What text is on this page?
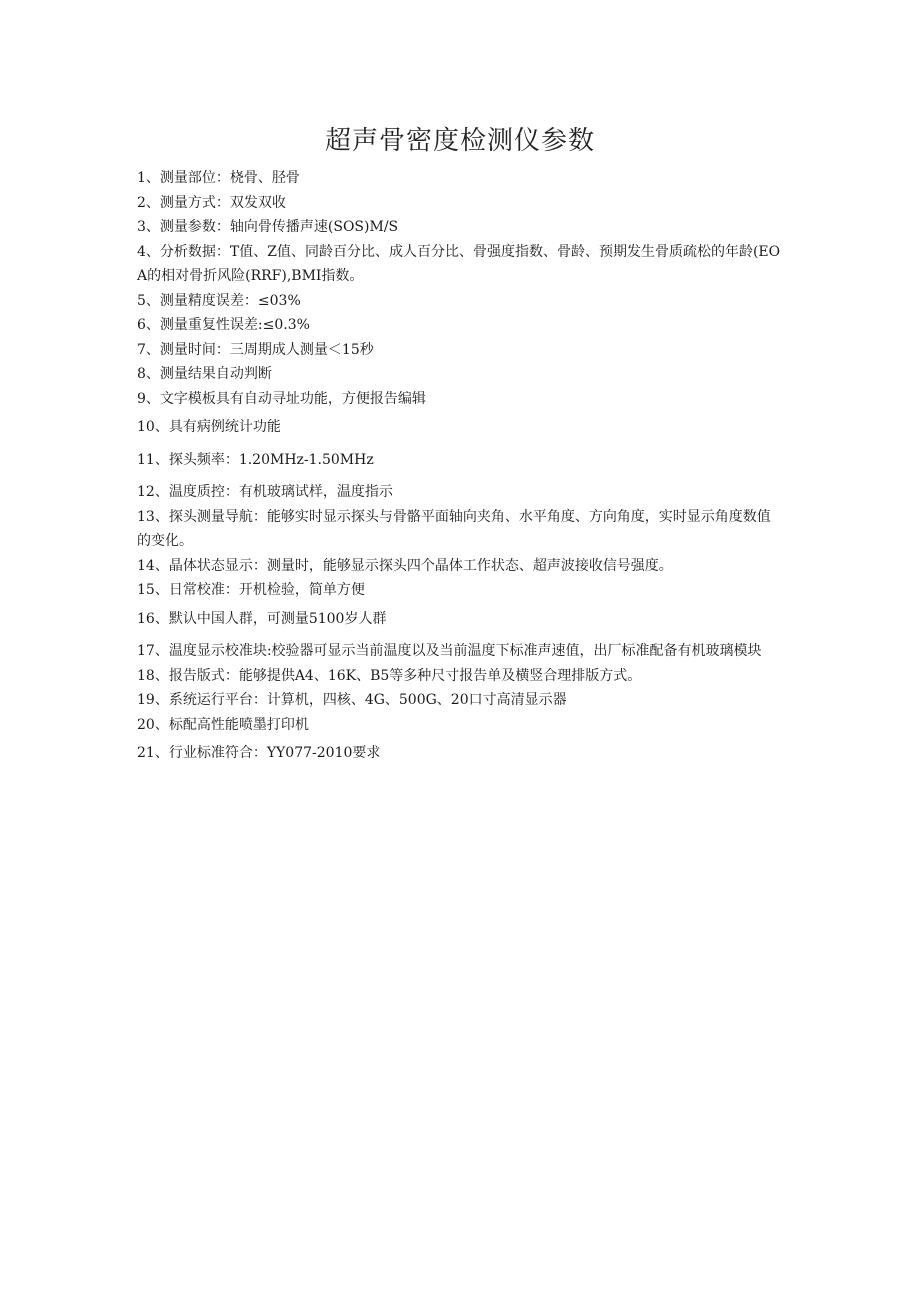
超声骨密度检测仪参数

1、测量部位：桡骨、胫骨

2、测量方式：双发双收

3、测量参数：轴向骨传播声速(SOS)M/S

4、分析数据：T值、Z值、同龄百分比、成人百分比、骨强度指数、骨龄、预期发生骨质疏松的年龄(EOA的相对骨折风险(RRF),BMI指数。

5、测量精度误差：≤03%

6、测量重复性误差:≤0.3%

7、测量时间：三周期成人测量＜15秒

8、测量结果自动判断

9、文字模板具有自动寻址功能，方便报告编辑

10、具有病例统计功能

11、探头频率：1.20MHz-1.50MHz

12、温度质控：有机玻璃试样，温度指示

13、探头测量导航：能够实时显示探头与骨骼平面轴向夹角、水平角度、方向角度，实时显示角度数值的变化。

14、晶体状态显示：测量时，能够显示探头四个晶体工作状态、超声波接收信号强度。

15、日常校准：开机检验，简单方便

16、默认中国人群，可测量5100岁人群

17、温度显示校准块:校验器可显示当前温度以及当前温度下标准声速值，出厂标准配备有机玻璃模块

18、报告版式：能够提供A4、16K、B5等多种尺寸报告单及横竖合理排版方式。

19、系统运行平台：计算机，四核、4G、500G、20口寸高清显示器

20、标配高性能喷墨打印机

21、行业标准符合：YY077-2010要求
